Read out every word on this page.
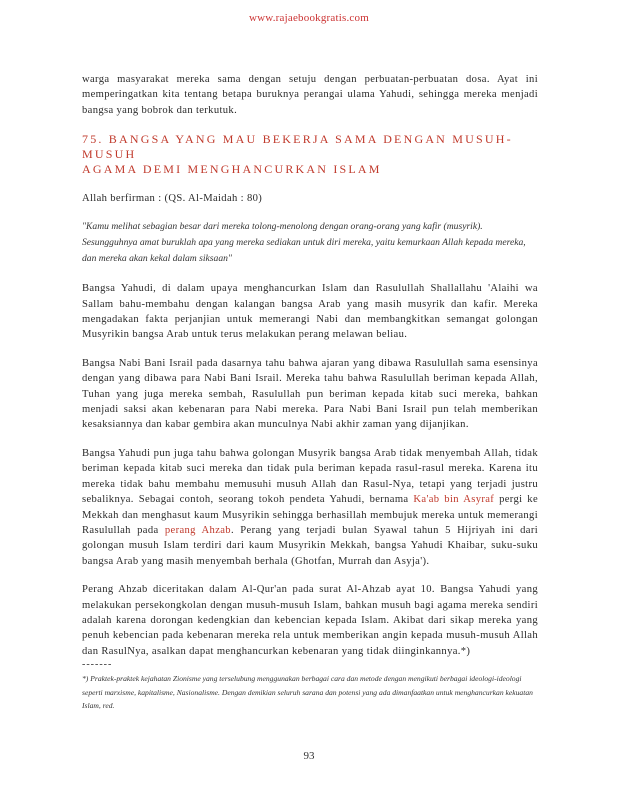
www.rajaebookgratis.com

warga masyarakat mereka sama dengan setuju dengan perbuatan-perbuatan dosa. Ayat ini memperingatkan kita tentang betapa buruknya perangai ulama Yahudi, sehingga mereka menjadi bangsa yang bobrok dan terkutuk.

75. BANGSA YANG MAU BEKERJA SAMA DENGAN MUSUH-MUSUH
AGAMA DEMI MENGHANCURKAN ISLAM

Allah berfirman : (QS. Al-Maidah : 80)

"Kamu melihat sebagian besar dari mereka tolong-menolong dengan orang-orang yang kafir (musyrik). Sesungguhnya amat buruklah apa yang mereka sediakan untuk diri mereka, yaitu kemurkaan Allah kepada mereka, dan mereka akan kekal dalam siksaan"

Bangsa Yahudi, di dalam upaya menghancurkan Islam dan Rasulullah Shallallahu 'Alaihi wa Sallam bahu-membahu dengan kalangan bangsa Arab yang masih musyrik dan kafir. Mereka mengadakan fakta perjanjian untuk memerangi Nabi dan membangkitkan semangat golongan Musyrikin bangsa Arab untuk terus melakukan perang melawan beliau.

Bangsa Nabi Bani Israil pada dasarnya tahu bahwa ajaran yang dibawa Rasulullah sama esensinya dengan yang dibawa para Nabi Bani Israil. Mereka tahu bahwa Rasulullah beriman kepada Allah, Tuhan yang juga mereka sembah, Rasulullah pun beriman kepada kitab suci mereka, bahkan menjadi saksi akan kebenaran para Nabi mereka. Para Nabi Bani Israil pun telah memberikan kesaksiannya dan kabar gembira akan munculnya Nabi akhir zaman yang dijanjikan.

Bangsa Yahudi pun juga tahu bahwa golongan Musyrik bangsa Arab tidak menyembah Allah, tidak beriman kepada kitab suci mereka dan tidak pula beriman kepada rasul-rasul mereka. Karena itu mereka tidak bahu membahu memusuhi musuh Allah dan Rasul-Nya, tetapi yang terjadi justru sebaliknya. Sebagai contoh, seorang tokoh pendeta Yahudi, bernama Ka'ab bin Asyraf pergi ke Mekkah dan menghasut kaum Musyrikin sehingga berhasillah membujuk mereka untuk memerangi Rasulullah pada perang Ahzab. Perang yang terjadi bulan Syawal tahun 5 Hijriyah ini dari golongan musuh Islam terdiri dari kaum Musyrikin Mekkah, bangsa Yahudi Khaibar, suku-suku bangsa Arab yang masih menyembah berhala (Ghotfan, Murrah dan Asyja').

Perang Ahzab diceritakan dalam Al-Qur'an pada surat Al-Ahzab ayat 10. Bangsa Yahudi yang melakukan persekongkolan dengan musuh-musuh Islam, bahkan musuh bagi agama mereka sendiri adalah karena dorongan kedengkian dan kebencian kepada Islam. Akibat dari sikap mereka yang penuh kebencian pada kebenaran mereka rela untuk memberikan angin kepada musuh-musuh Allah dan RasulNya, asalkan dapat menghancurkan kebenaran yang tidak diinginkannya.*)

-------

*) Praktek-praktek kejahatan Zionisme yang terselubung menggunakan berbagai cara dan metode dengan mengikuti berbagai ideologi-ideologi seperti marxisme, kapitalisme, Nasionalisme. Dengan demikian seluruh sarana dan potensi yang ada dimanfaatkan untuk menghancurkan kekuatan Islam, red.

93
